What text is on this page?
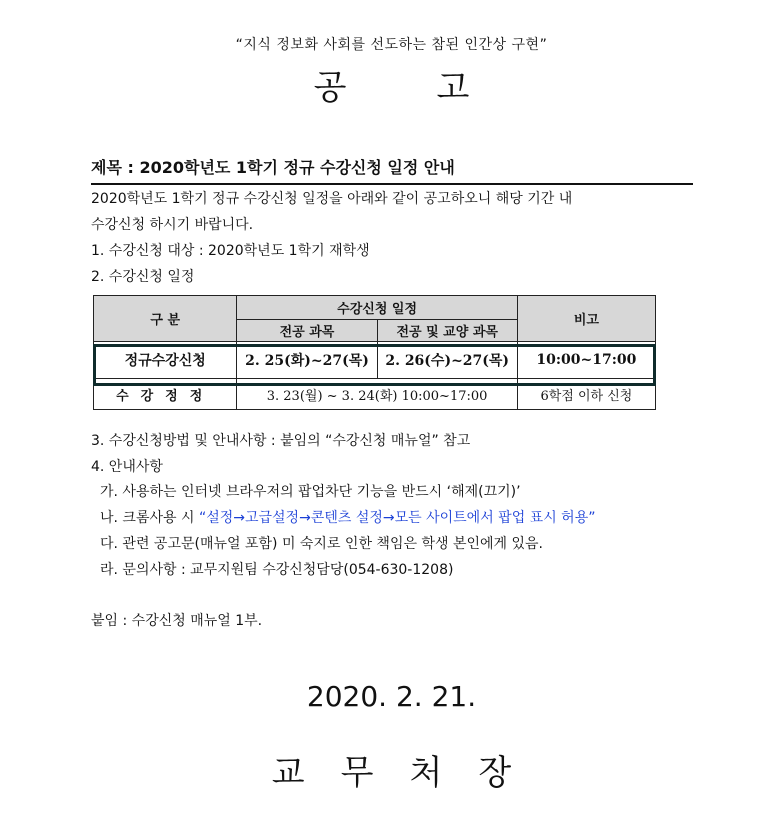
“지식 정보화 사회를 선도하는 참된 인간상 구현”
공	고
제목 : 2020학년도 1학기 정규 수강신청 일정 안내
2020학년도 1학기 정규 수강신청 일정을 아래와 같이 공고하오니 해당 기간 내
수강신청 하시기 바랍니다.
1. 수강신청 대상 : 2020학년도 1학기 재학생
2. 수강신청 일정
구 분	수강신청 일정		비고
	전공 과목	전공 및 교양 과목	
정규수강신청	2. 25(화)~27(목)	2. 26(수)~27(목)	10:00~17:00
수강정정	3. 23(월) ~ 3. 24(화) 10:00~17:00		6학점 이하 신청
3. 수강신청방법 및 안내사항 : 붙임의 “수강신청 매뉴얼” 참고
4. 안내사항
가. 사용하는 인터넷 브라우저의 팝업차단 기능을 반드시 ‘해제(끄기)’
나. 크롬사용 시 “설정→고급설정→콘텐츠 설정→모든 사이트에서 팝업 표시 허용”
다. 관련 공고문(매뉴얼 포함) 미 숙지로 인한 책임은 학생 본인에게 있음.
라. 문의사항 : 교무지원팀 수강신청담당(054-630-1208)
붙임 : 수강신청 매뉴얼 1부.
2020. 2. 21.
교 무 처 장
